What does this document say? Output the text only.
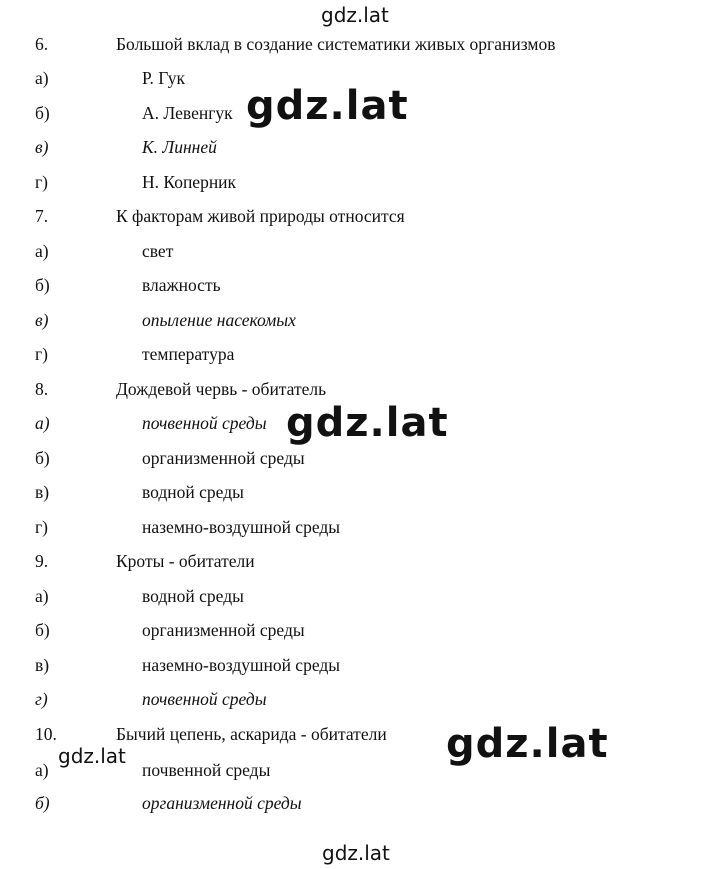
6.	Большой вклад в создание систематики живых организмов
а)	Р. Гук
б)	А. Левенгук
в)	К. Линней
г)	Н. Коперник
7.	К факторам живой природы относится
а)	свет
б)	влажность
в)	опыление насекомых
г)	температура
8.	Дождевой червь - обитатель
а)	почвенной среды
б)	организменной среды
в)	водной среды
г)	наземно-воздушной среды
9.	Кроты - обитатели
а)	водной среды
б)	организменной среды
в)	наземно-воздушной среды
г)	почвенной среды
10.	Бычий цепень, аскарида - обитатели
а)	почвенной среды
б)	организменной среды
gdz.lat
gdz.lat
gdz.lat
gdz.lat
gdz.lat
gdz.lat
